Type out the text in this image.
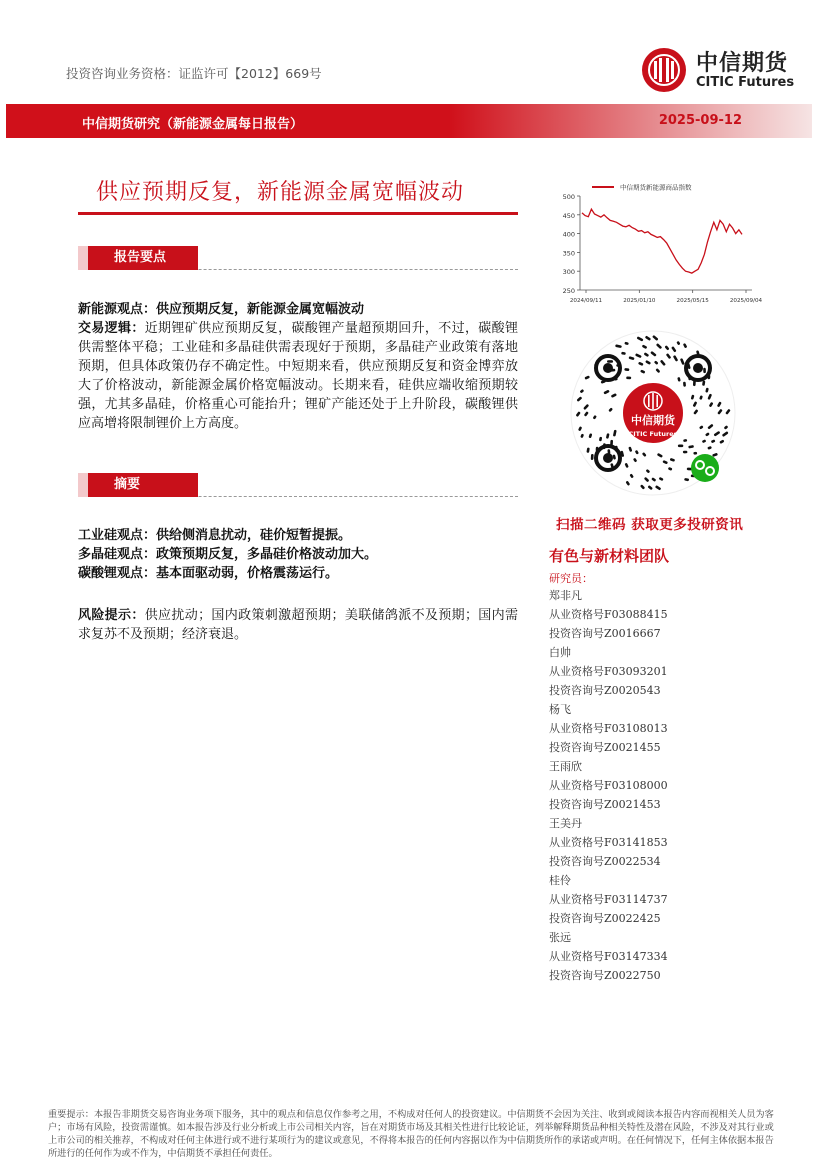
投资咨询业务资格：证监许可【2012】669号	中信期货
CITIC Futures
中信期货研究（新能源金属每日报告）	2025-09-12
供应预期反复，新能源金属宽幅波动
报告要点
新能源观点：供应预期反复，新能源金属宽幅波动
交易逻辑：近期锂矿供应预期反复，碳酸锂产量超预期回升，不过，碳酸锂供需整体平稳；工业硅和多晶硅供需表现好于预期，多晶硅产业政策有落地预期，但具体政策仍存不确定性。中短期来看，供应预期反复和资金博弈放大了价格波动，新能源金属价格宽幅波动。长期来看，硅供应端收缩预期较强，尤其多晶硅，价格重心可能抬升；锂矿产能还处于上升阶段，碳酸锂供应高增将限制锂价上方高度。
摘要
工业硅观点：供给侧消息扰动，硅价短暂提振。
多晶硅观点：政策预期反复，多晶硅价格波动加大。
碳酸锂观点：基本面驱动弱，价格震荡运行。
风险提示：供应扰动；国内政策刺激超预期；美联储鸽派不及预期；国内需求复苏不及预期；经济衰退。
500
450
400
350
300
250
2024/09/11	2025/01/10	2025/05/15	2025/09/04
中信期货新能源商品指数
中信期货
CITIC Futures
扫描二维码 获取更多投研资讯
有色与新材料团队
研究员：
郑非凡
从业资格号F03088415
投资咨询号Z0016667
白帅
从业资格号F03093201
投资咨询号Z0020543
杨飞
从业资格号F03108013
投资咨询号Z0021455
王雨欣
从业资格号F03108000
投资咨询号Z0021453
王美丹
从业资格号F03141853
投资咨询号Z0022534
桂伶
从业资格号F03114737
投资咨询号Z0022425
张远
从业资格号F03147334
投资咨询号Z0022750
重要提示：本报告非期货交易咨询业务项下服务，其中的观点和信息仅作参考之用，不构成对任何人的投资建议。中信期货不会因为关注、收到或阅读本报告内容而视相关人员为客户；市场有风险，投资需谨慎。如本报告涉及行业分析或上市公司相关内容，旨在对期货市场及其相关性进行比较论证，列举解释期货品种相关特性及潜在风险，不涉及对其行业或上市公司的相关推荐，不构成对任何主体进行或不进行某项行为的建议或意见，不得将本报告的任何内容据以作为中信期货所作的承诺或声明。在任何情况下，任何主体依据本报告所进行的任何作为或不作为，中信期货不承担任何责任。
